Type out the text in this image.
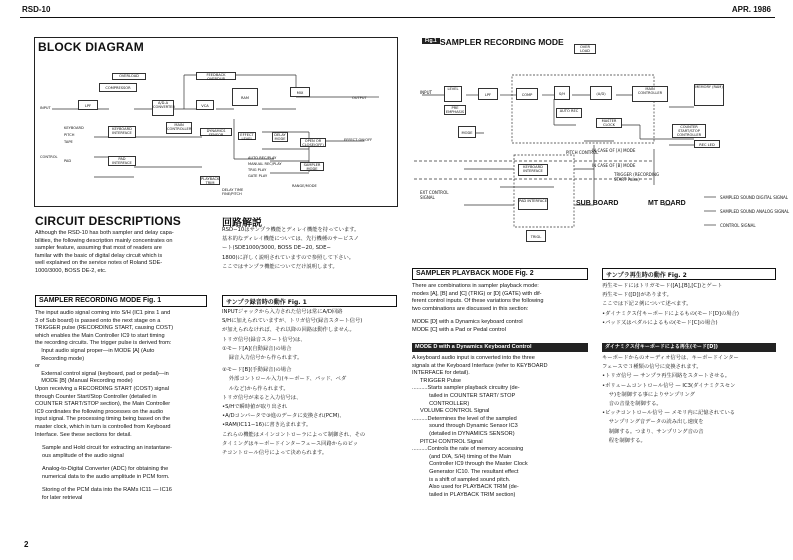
RSD-10	APR. 1986
BLOCK DIAGRAM
INPUT	LPF
COMPRESSOR
OVERLOAD
A/D-A CONVERTER	VCA
FEEDBACK OVERDUB
RAM
MIX
OUTPUT
MAIN CONTROLLER	DYNAMICS SENSOR
KEYBOARD INTERFACE
PAD INTERFACE
KEYBOARD
PITCH
TAPE
CONTROL
PAD
EFFECT LEVEL
DELAY MODE	OPEN OR CLOSE(OFF)
EFFECT ON/OFF
AUTO REC/PLAY
MANUAL REC/PLAY
TRIG PLAY
GATE PLAY
SAMPLER MODE
RANGE/MODE
DELAY TIME FINE/PITCH
PLAYBACK TRIM
Fig.1 SAMPLER RECORDING MODE
INPUT
LEVEL
PRE EMPHASIS
LPF	COMP	S/H	(A/D)
OVER LOAD
MAIN CONTROLLER
MEMORY (RAM)
AUTO REC
MASTER CLOCK
REC LED
COUNTER START/STOP CONTROLLER
MODE
KEYBOARD INTERFACE
PAD INTERFACE
PITCH CONTROL
TRIGL
EXT CONTROL SIGNAL
SUB BOARD	MT BOARD
TRIGGER (RECORDING START Pulse)
IN CASE OF [A] MODE
IN CASE OF [B] MODE
SAMPLED SOUND DIGITAL SIGNAL
SAMPLED SOUND ANALOG SIGNAL
CONTROL SIGNAL
CIRCUIT DESCRIPTIONS
Although the RSD-10 has both sampler and delay capa-
bilities, the following description mainly concentrates on
sampler feature, assuming that most of readers are
familar with the basic of digital delay circuit which is
well explained on the service notes of Roland SDE-
1000/3000, BOSS DE-2, etc.
SAMPLER RECORDING MODE Fig. 1
The input audio signal coming into S/H (IC1 pins 1 and
3 of Sub board) is passed onto the next stage on a
TRIGGER pulse (RECORDING START, causing COST)
which enables the Main Controller IC9 to start timing
the recording circuits. The trigger pulse is derived from:
Input audio signal proper—in MODE [A] (Auto
Recording mode)
or
External control signal (keyboard, pad or pedal)—in
MODE [B] (Manual Recording mode)
Upon receiving a RECORDING START (COST) signal
through Counter Start/Stop Controller (detailed in
COUNTER START/STOP section), the Main Controller
IC9 cordinates the following processes on the audio
input signal. The processing timing being based on the
master clock, which in turn is controlled from Keyboard
Interface. See these sections for detail.
Sample and Hold circuit for extracting an instantane-
ous amplitude of the audio signal
Analog-to-Digital Converter (ADC) for obtaining the
numerical data to the audio amplitude in PCM form.
Storing of the PCM data into the RAMs IC11 — IC16
for later retrieval
回路解説
RSD−10はサンプラ機能とディレイ機能を持っています。
基本的なディレイ機能については、先行機種のサービスノ
ート(SDE1000/3000, BOSS DE−20, SDE−
1800)に詳しく説明されていますので参照して下さい。
ここではサンプラ機能についてだけ説明します。
サンプラ録音時の動作 Fig. 1
INPUTジャックから入力された信号は常にA/D回路
S/Hに加えられていますが、トリガ信号(録音スタート信号)
が加えられなければ、それ以降の回路は動作しません。
トリガ信号(録音スタート信号)は、
①モード[A](自動録音)の場合
録音入力信号から作られます。
②モード[B](手動録音)の場合
外部コントロール入力(キーボード、パッド、ペダ
ルなど)から作られます。
トリガ信号が来ると入力信号は、
•S/Hで瞬時値が取り出され
•A/Dコンバータで③進のデータに変換され(PCM)、
•RAM(IC11−16)に書き込まれます。
これらの機能はメインコントローラによって制御され、その
タイミングはキーボードインターフェース回路からのピッ
チコントロール信号によって決められます。
SAMPLER PLAYBACK MODE Fig. 2
There are combinations in sampler playback mode:
modes [A], [B] and [C] (TRIG) or [D] (GATE) with dif-
ferent control inputs. Of these variations the following
two combinations are discussed in this section:
MODE [D] with a Dynamics keyboard control
MODE [C] with a Pad or Pedal control
MODE D with a Dynamics Keyboard Control
A keyboard audio input is converted into the three
signals at the Keyboard Interface (refer to KEYBOARD
INTERFACE for detail).
TRIGGER Pulse
..........Starts sampler playback circuitry (de-
tailed in COUNTER START/ STOP
CONTROLLER)
VOLUME CONTROL Signal
..........Determines the level of the sampled
sound through Dynamic Sensor IC3
(detailed in DYNAMICS SENSOR)
PITCH CONTROL Signal
..........Controls the rate of memory accessing
(and D/A, S/H) timing of the Main
Controller IC9 through the Master Clock
Generator IC10. The resultant effect
is a shift of sampled sound pitch.
Also used for PLAYBACK TRIM (de-
tailed in PLAYBACK TRIM section)
サンプラ再生時の動作 Fig. 2
再生モードにはトリガモード([A],[B],[C])とゲート
再生モード([D])があります。
ここでは下記２例について述べます。
•ダイナミクス付キーボードによるもの(モード[D]の場合)
•パッド又はペダルによるもの(モード[C]の場合)
ダイナミクス付キーボードによる再生(モード[D])
キーボードからのオーディオ信号は、キーボードインター
フェースで３種類の信号に変換されます。
•トリガ信号 — サンプラ再生回路をスタートさせる。
•ボリュームコントロール信号 — IC3(ダイナミクスセン
サ)を制御する事によりサンプリング
音の音量を制御する。
•ピッチコントロール信号 — メモリ内に記憶されている
サンプリング音データの読み出し速度を
制御する。つまり、サンプリング音の音
程を制御する。
2
